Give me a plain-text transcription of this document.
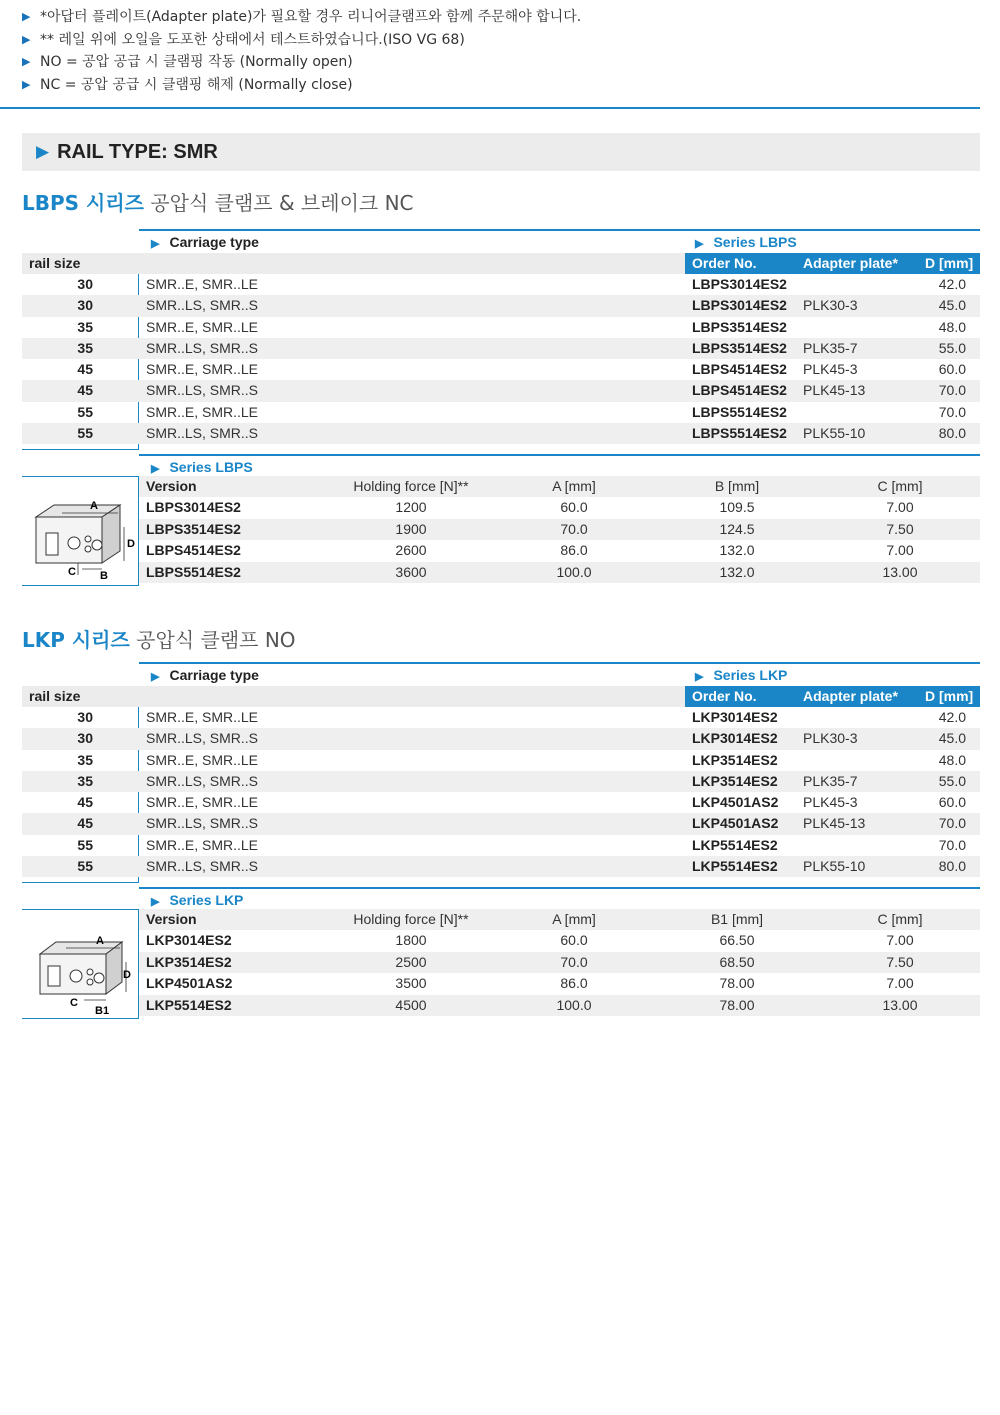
▶ *아답터 플레이트(Adapter plate)가 필요할 경우 리니어클램프와 함께 주문해야 합니다.
▶ ** 레일 위에 오일을 도포한 상태에서 테스트하였습니다.(ISO VG 68)
▶ NO = 공압 공급 시 클램핑 작동 (Normally open)
▶ NC = 공압 공급 시 클램핑 해제 (Normally close)
▶ RAIL TYPE: SMR
LBPS 시리즈 공압식 클램프 & 브레이크 NC
▶ Carriage type	▶ Series LBPS
rail size	Order No.	Adapter plate* D [mm]
30	SMR..E, SMR..LE	LBPS3014ES2	42.0
30	SMR..LS, SMR..S	LBPS3014ES2 PLK30-3	45.0
35	SMR..E, SMR..LE	LBPS3514ES2	48.0
35	SMR..LS, SMR..S	LBPS3514ES2 PLK35-7	55.0
45	SMR..E, SMR..LE	LBPS4514ES2 PLK45-3	60.0
45	SMR..LS, SMR..S	LBPS4514ES2 PLK45-13	70.0
55	SMR..E, SMR..LE	LBPS5514ES2	70.0
55	SMR..LS, SMR..S	LBPS5514ES2 PLK55-10	80.0
▶ Series LBPS
A
D
C B
Version	Holding force [N]**	A [mm]	B [mm]	C [mm]
LBPS3014ES2	1200	60.0	109.5	7.00
LBPS3514ES2	1900	70.0	124.5	7.50
LBPS4514ES2	2600	86.0	132.0	7.00
LBPS5514ES2	3600	100.0	132.0	13.00
LKP 시리즈 공압식 클램프 NO
▶ Carriage type	▶ Series LKP
rail size	Order No.	Adapter plate* D [mm]
30	SMR..E, SMR..LE	LKP3014ES2	42.0
30	SMR..LS, SMR..S	LKP3014ES2 PLK30-3	45.0
35	SMR..E, SMR..LE	LKP3514ES2	48.0
35	SMR..LS, SMR..S	LKP3514ES2 PLK35-7	55.0
45	SMR..E, SMR..LE	LKP4501AS2 PLK45-3	60.0
45	SMR..LS, SMR..S	LKP4501AS2 PLK45-13	70.0
55	SMR..E, SMR..LE	LKP5514ES2	70.0
55	SMR..LS, SMR..S	LKP5514ES2 PLK55-10	80.0
▶ Series LKP
A
D
C
B1
Version	Holding force [N]**	A [mm]	B1 [mm]	C [mm]
LKP3014ES2	1800	60.0	66.50	7.00
LKP3514ES2	2500	70.0	68.50	7.50
LKP4501AS2	3500	86.0	78.00	7.00
LKP5514ES2	4500	100.0	78.00	13.00
